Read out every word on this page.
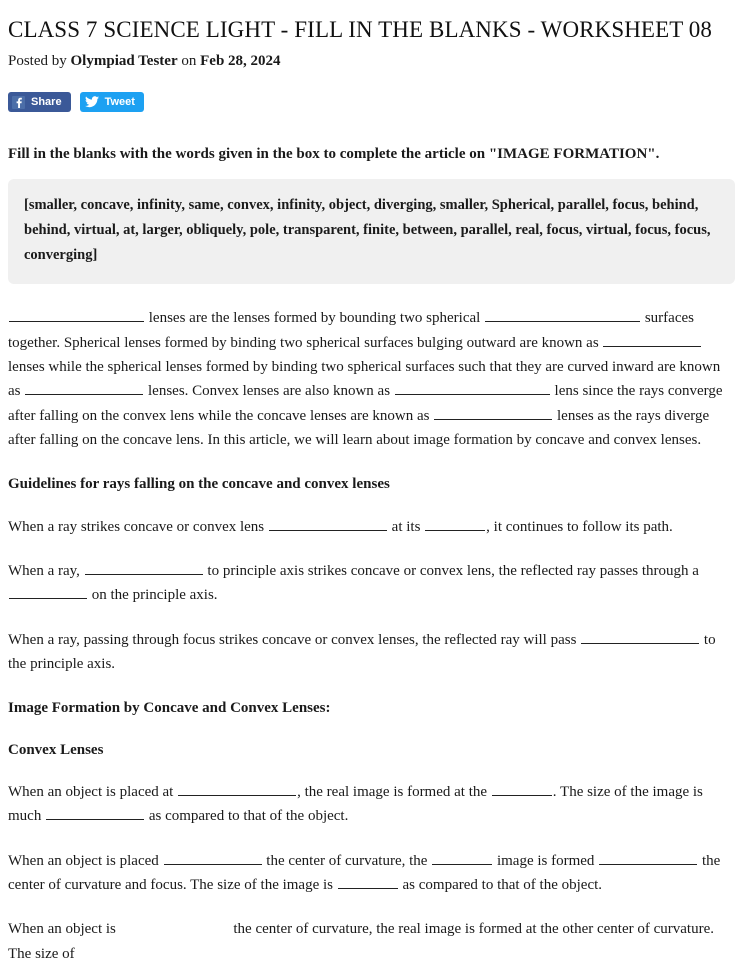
CLASS 7 SCIENCE LIGHT - FILL IN THE BLANKS - WORKSHEET 08
Posted by Olympiad Tester on Feb 28, 2024
Share	Tweet

Fill in the blanks with the words given in the box to complete the article on "IMAGE FORMATION".

[smaller, concave, infinity, same, convex, infinity, object, diverging, smaller, Spherical, parallel, focus, behind, behind, virtual, at, larger, obliquely, pole, transparent, finite, between, parallel, real, focus, virtual, focus, focus, converging]

lenses are the lenses formed by bounding two spherical	surfaces together. Spherical lenses formed by binding two spherical surfaces bulging outward are known as  lenses while the spherical lenses formed by binding two spherical surfaces such that they are curved inward are known as	lenses. Convex lenses are also known as	lens since the rays converge after falling on the convex lens while the concave lenses are known as	lenses as the rays diverge after falling on the concave lens. In this article, we will learn about image formation by concave and convex lenses.

Guidelines for rays falling on the concave and convex lenses

When a ray strikes concave or convex lens	at its	, it continues to follow its path.

When a ray,	to principle axis strikes concave or convex lens, the reflected ray passes through a  on the principle axis.

When a ray, passing through focus strikes concave or convex lenses, the reflected ray will pass	to the principle axis.

Image Formation by Concave and Convex Lenses:

Convex Lenses

When an object is placed at	, the real image is formed at the	. The size of the image is much	as compared to that of the object.

When an object is placed	the center of curvature, the	image is formed	the center of curvature and focus. The size of the image is	as compared to that of the object.

When an object is	the center of curvature, the real image is formed at the other center of curvature. The size of
